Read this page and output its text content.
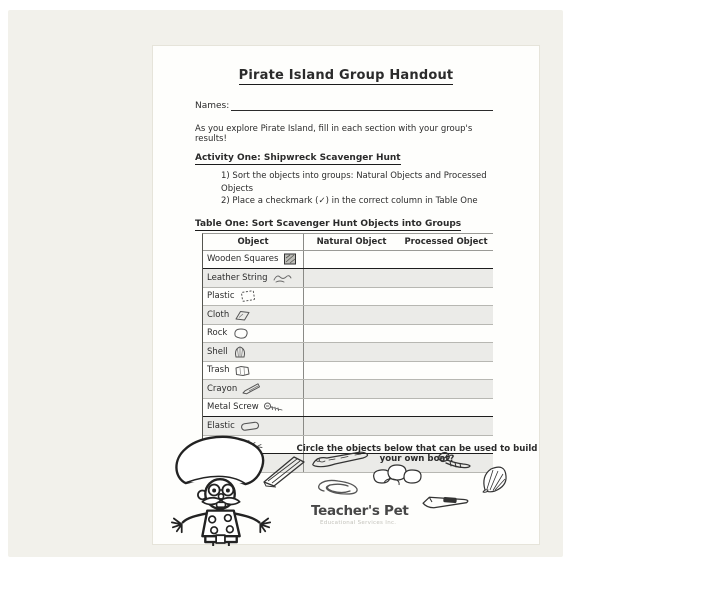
Pirate Island Group Handout
Names:
As you explore Pirate Island, fill in each section with your group's results!
Activity One: Shipwreck Scavenger Hunt
1) Sort the objects into groups: Natural Objects and Processed Objects
2) Place a checkmark (✓) in the correct column in Table One
Table One: Sort Scavenger Hunt Objects into Groups
Object	Natural Object	Processed Object
Wooden Squares
Leather String
Plastic
Cloth
Rock
Shell
Trash
Crayon
Metal Screw
Elastic
Circle the objects below that can be used to build your own boat?
Teacher's Pet
Educational Services Inc.
